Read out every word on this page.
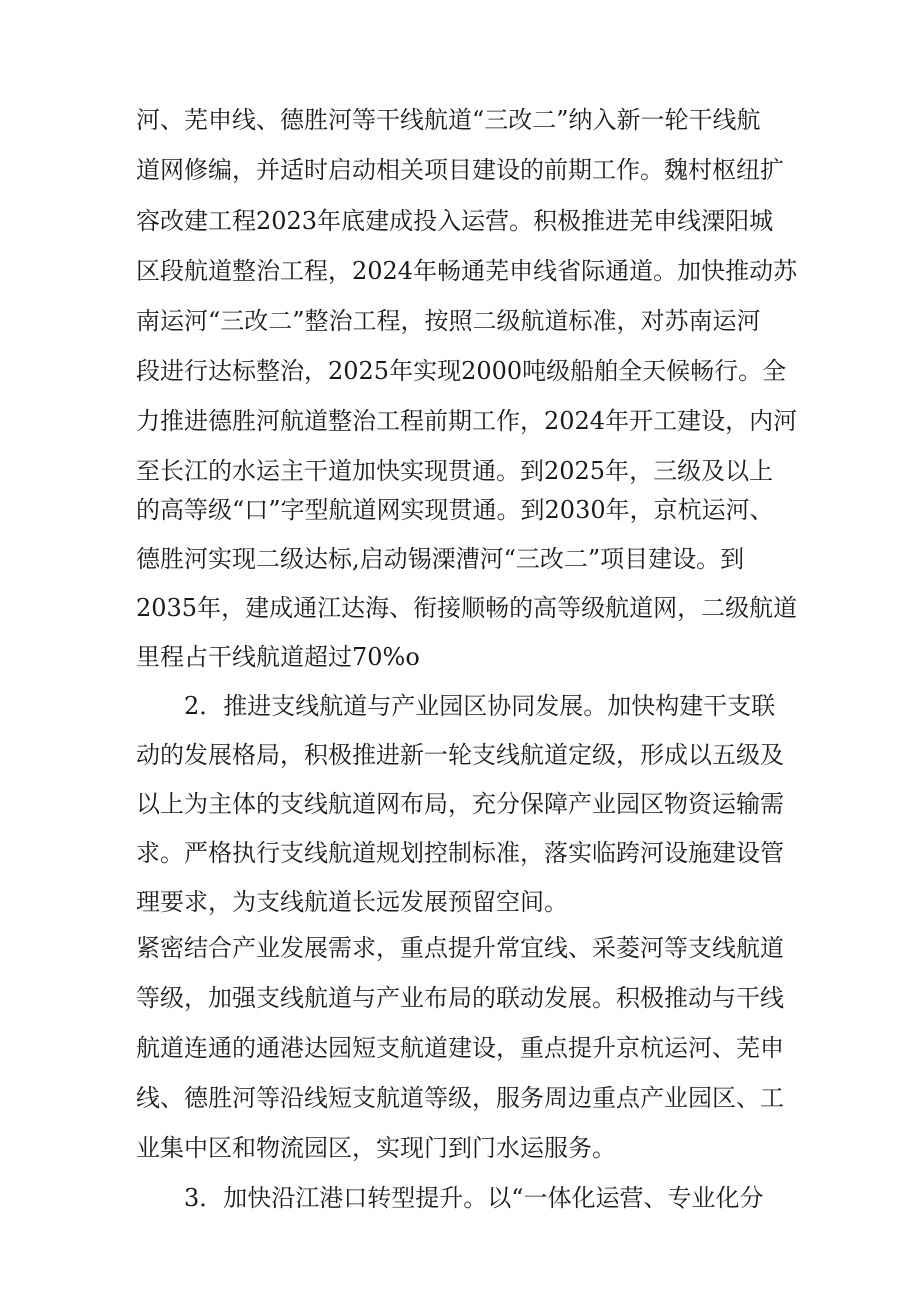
河、芜申线、德胜河等干线航道“三改二”纳入新一轮干线航

道网修编，并适时启动相关项目建设的前期工作。魏村枢纽扩

容改建工程2023年底建成投入运营。积极推进芜申线溧阳城

区段航道整治工程，2024年畅通芜申线省际通道。加快推动苏

南运河“三改二”整治工程，按照二级航道标准，对苏南运河

段进行达标整治，2025年实现2000吨级船舶全天候畅行。全

力推进德胜河航道整治工程前期工作，2024年开工建设，内河

至长江的水运主干道加快实现贯通。到2025年，三级及以上

的高等级“口”字型航道网实现贯通。到2030年，京杭运河、

德胜河实现二级达标,启动锡溧漕河“三改二”项目建设。到

2035年，建成通江达海、衔接顺畅的高等级航道网，二级航道

里程占干线航道超过70%o

2．推进支线航道与产业园区协同发展。加快构建干支联

动的发展格局，积极推进新一轮支线航道定级，形成以五级及

以上为主体的支线航道网布局，充分保障产业园区物资运输需

求。严格执行支线航道规划控制标准，落实临跨河设施建设管

理要求，为支线航道长远发展预留空间。

紧密结合产业发展需求，重点提升常宜线、采菱河等支线航道

等级，加强支线航道与产业布局的联动发展。积极推动与干线

航道连通的通港达园短支航道建设，重点提升京杭运河、芜申

线、德胜河等沿线短支航道等级，服务周边重点产业园区、工

业集中区和物流园区，实现门到门水运服务。

3．加快沿江港口转型提升。以“一体化运营、专业化分
